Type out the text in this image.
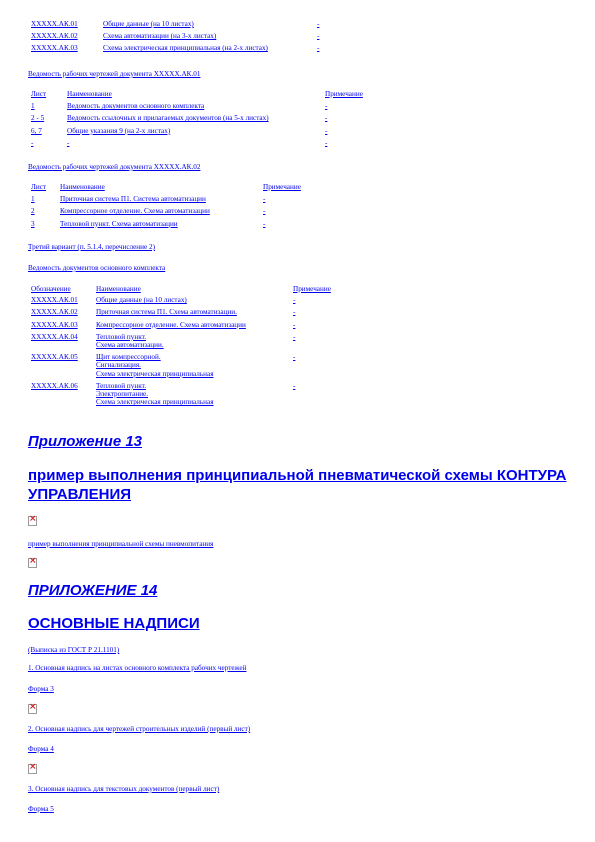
ХХХХХ.АК.01	Общие данные (на 10 листах)	-

ХХХХХ.АК.02	Схема автоматизации (на 3-х листах)	-

ХХХХХ.АК.03	Схема электрическая принципиальная (на 2-х листах)	-

Ведомость рабочих чертежей документа ХХХХХ.АК.01
Лист	Наименование	Примечание

1	Ведомость документов основного комплекта	-

2 - 5	Ведомость ссылочных и прилагаемых документов (на 5-х листах)	-

6, 7	Общие указания 9 (на 2-х листах)	-

-	-	-

Ведомость рабочих чертежей документа ХХХХХ.АК.02
Лист	Наименование	Примечание

1	Приточная система П1. Система автоматизации	-

2	Компрессорное отделение. Схема автоматизации	-

3	Тепловой пункт. Схема автоматизации	-

Третий вариант (п. 5.1.4, перечисление 2)
Ведомость документов основного комплекта
Обозначение	Наименование	Примечание

ХХХХХ.АК.01	Общие данные (на 10 листах)	-

ХХХХХ.АК.02	Приточная система П1. Схема автоматизации.	-

ХХХХХ.АК.03	Компрессорное отделение. Схема автоматизации	-

ХХХХХ.АК.04	Тепловой пункт.
Схема автоматизации.	-

ХХХХХ.АК.05	Щит компрессорной.
Сигнализация.
Схема электрическая принципиальная	-

ХХХХХ.АК.06	Тепловой пункт.
Электропитание.
Схема электрическая принципиальная	-

Приложение 13
пример выполнения принципиальной пневматической схемы КОНТУРА УПРАВЛЕНИЯ
×
пример выполнения принципиальной схемы пневмопитания
×
ПРИЛОЖЕНИЕ 14
ОСНОВНЫЕ НАДПИСИ
(Выписка из ГОСТ Р 21.1101)
1. Основная надпись на листах основного комплекта рабочих чертежей
Форма 3
×
2. Основная надпись для чертежей строительных изделий (первый лист)
Форма 4
×
3. Основная надпись для текстовых документов (первый лист)
Форма 5
